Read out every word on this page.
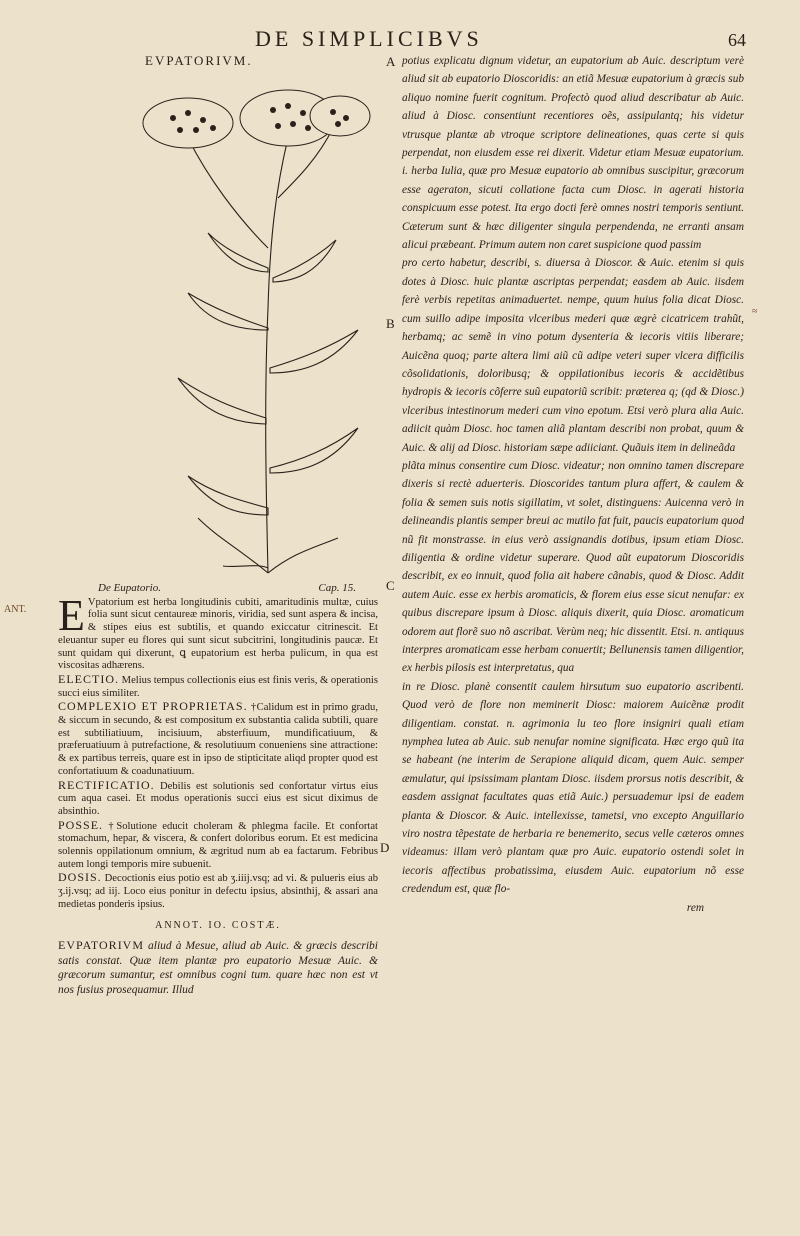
DE SIMPLICIBVS	64
EVPATORIVM.	A
B
C
D
ANT.
≈
De Eupatorio.	Cap. 15.

E Vpatorium est herba longitudinis cubiti, amaritudinis multæ, cuius folia sunt sicut centaureæ minoris, viridia, sed sunt aspera & incisa, & stipes eius est subtilis, et quando exiccatur citrinescit. Et eleuantur super eu flores qui sunt sicut subcitrini, longitudinis paucæ. Et sunt quidam qui dixerunt, ꝗ eupatorium est herba pulicum, in qua est viscositas adhærens.

ELECTIO. Melius tempus collectionis eius est finis veris, & operationis succi eius similiter.

COMPLEXIO ET PROPRIETAS. †Calidum est in primo gradu, & siccum in secundo, & est compositum ex substantia calida subtili, quare est subtiliatiuum, incisiuum, absterfiuum, mundificatiuum, & præferuatiuum à putrefactione, & resolutiuum conueniens sine attractione: & ex partibus terreis, quare est in ipso de stipticitate aliqd propter quod est confortatiuum & coadunatiuum.

RECTIFICATIO. Debilis est solutionis sed confortatur virtus eius cum aqua casei. Et modus operationis succi eius est sicut diximus de absinthio.

POSSE. †Solutione educit choleram & phlegma facile. Et confortat stomachum, hepar, & viscera, & confert doloribus eorum. Et est medicina solennis oppilationum omnium, & ægritud num ab ea factarum. Febribus autem longi temporis mire subuenit.

DOSIS. Decoctionis eius potio est ab ʒ.iiij.vsq; ad vi. & pulueris eius ab ʒ.ij.vsq; ad iij. Loco eius ponitur in defectu ipsius, absinthij, & assari ana medietas ponderis ipsius.

ANNOT. IO. COSTÆ.

EVPATORIVM aliud à Mesue, aliud ab Auic. & græcis describi satis constat. Quæ item plantæ pro eupatorio Mesuæ Auic. & græcorum sumantur, est omnibus cogni tum. quare hæc non est vt nos fusius prosequamur. Illud

potius explicatu dignum videtur, an eupatorium ab Auic. descriptum verè aliud sit ab eupatorio Dioscoridis: an etiã Mesuæ eupatorium à græcis sub aliquo nomine fuerit cognitum. Profectò quod aliud describatur ab Auic. aliud à Diosc. consentiunt recentiores oẽs, assipulantq; his videtur vtrusque plantæ ab vtroque scriptore delineationes, quas certe si quis perpendat, non eiusdem esse rei dixerit. Videtur etiam Mesuæ eupatorium. i. herba Iulia, quæ pro Mesuæ eupatorio ab omnibus suscipitur, græcorum esse ageraton, sicuti collatione facta cum Diosc. in agerati historia conspicuum esse potest. Ita ergo docti ferè omnes nostri temporis sentiunt. Cæterum sunt & hæc diligenter singula perpendenda, ne erranti ansam alicui præbeant. Primum autem non caret suspicione quod passim

pro certo habetur, describi, s. diuersa à Dioscor. & Auic. etenim si quis dotes à Diosc. huic plantæ ascriptas perpendat; easdem ab Auic. iisdem ferè verbis repetitas animaduertet. nempe, quum huius folia dicat Diosc. cum suillo adipe imposita vlceribus mederi quæ ægrè cicatricem trahũt, herbamq; ac semẽ in vino potum dysenteria & iecoris vitiis liberare; Auicẽna quoq; parte altera limi aiũ cũ adipe veteri super vlcera difficilis cõsolidationis, doloribusq; & oppilationibus iecoris & accidẽtibus hydropis & iecoris cõferre suũ eupatoriũ scribit: præterea q; (qd & Diosc.) vlceribus intestinorum mederi cum vino epotum. Etsi verò plura alia Auic. adiicit quàm Diosc. hoc tamen aliã plantam describi non probat, quum & Auic. & alij ad Diosc. historiam sæpe adiiciant. Quãuis item in delineãda

plãta minus consentire cum Diosc. videatur; non omnino tamen discrepare dixeris si rectè aduerteris. Dioscorides tantum plura affert, & caulem & folia & semen suis notis sigillatim, vt solet, distinguens: Auicenna verò in delineandis plantis semper breui ac mutilo fat fuit, paucis eupatorium quod nũ fit monstrasse. in eius verò assignandis dotibus, ipsum etiam Diosc. diligentia & ordine videtur superare. Quod aũt eupatorum Dioscoridis describit, ex eo innuit, quod folia ait habere cãnabis, quod & Diosc. Addit autem Auic. esse ex herbis aromaticis, & florem eius esse sicut nenufar: ex quibus discrepare ipsum à Diosc. aliquis dixerit, quia Diosc. aromaticum odorem aut florẽ suo nõ ascribat. Verùm neq; hic dissentit. Etsi. n. antiquus interpres aromaticam esse herbam conuertit; Bellunensis tamen diligentior, ex herbis pilosis est interpretatus, qua

in re Diosc. planè consentit caulem hirsutum suo eupatorio ascribenti. Quod verò de flore non meminerit Diosc: maiorem Auicẽnæ prodit diligentiam. constat. n. agrimonia lu teo flore insigniri quali etiam nymphea lutea ab Auic. sub nenufar nomine significata. Hæc ergo quũ ita se habeant (ne interim de Serapione aliquid dicam, quem Auic. semper æmulatur, qui ipsissimam plantam Diosc. iisdem prorsus notis describit, & easdem assignat facultates quas etiã Auic.) persuademur ipsi de eadem planta & Dioscor. & Auic. intellexisse, tametsi, vno excepto Anguillario viro nostra tẽpestate de herbaria re benemerito, secus velle cæteros omnes videamus: illam verò plantam quæ pro Auic. eupatorio ostendi solet in iecoris affectibus probatissima, eiusdem Auic. eupatorium nõ esse credendum est, quæ flo-

rem
